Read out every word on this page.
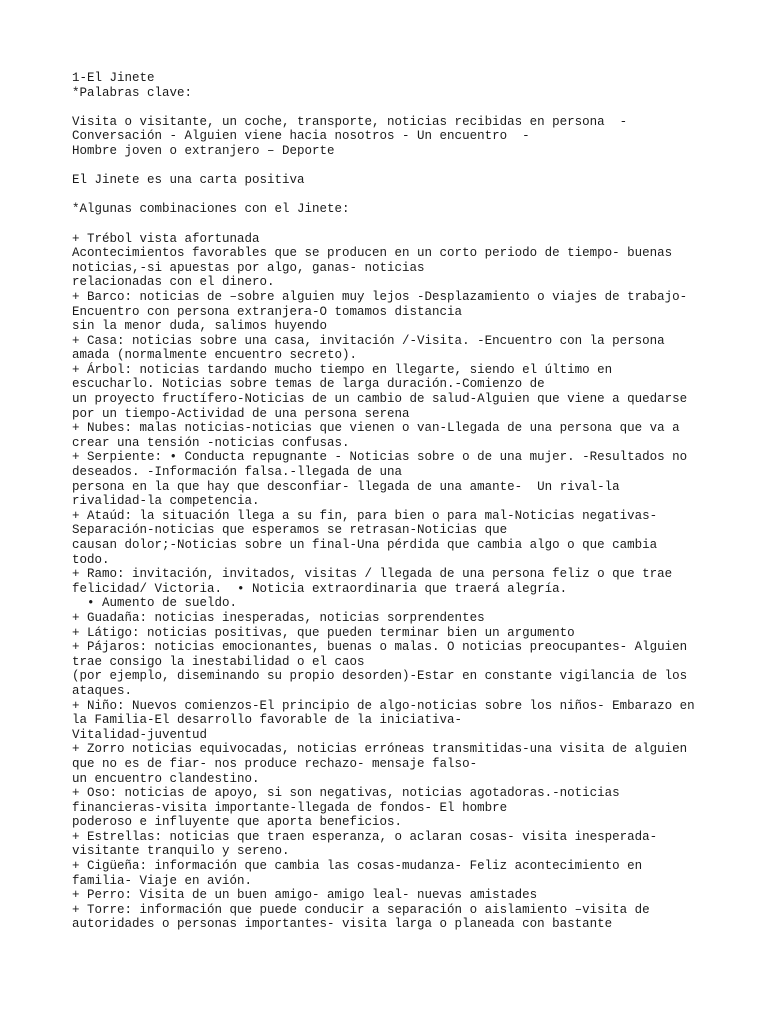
1-El Jinete
*Palabras clave:
Visita o visitante, un coche, transporte, noticias recibidas en persona  -
Conversación - Alguien viene hacia nosotros - Un encuentro  -
Hombre joven o extranjero – Deporte
El Jinete es una carta positiva
*Algunas combinaciones con el Jinete:
+ Trébol vista afortunada
Acontecimientos favorables que se producen en un corto periodo de tiempo- buenas
noticias,-si apuestas por algo, ganas- noticias
relacionadas con el dinero.
+ Barco: noticias de –sobre alguien muy lejos -Desplazamiento o viajes de trabajo-
Encuentro con persona extranjera-O tomamos distancia
sin la menor duda, salimos huyendo
+ Casa: noticias sobre una casa, invitación /-Visita. -Encuentro con la persona
amada (normalmente encuentro secreto).
+ Árbol: noticias tardando mucho tiempo en llegarte, siendo el último en
escucharlo. Noticias sobre temas de larga duración.-Comienzo de
un proyecto fructífero-Noticias de un cambio de salud-Alguien que viene a quedarse
por un tiempo-Actividad de una persona serena
+ Nubes: malas noticias-noticias que vienen o van-Llegada de una persona que va a
crear una tensión -noticias confusas.
+ Serpiente: • Conducta repugnante - Noticias sobre o de una mujer. -Resultados no
deseados. -Información falsa.-llegada de una
persona en la que hay que desconfiar- llegada de una amante-  Un rival-la
rivalidad-la competencia.
+ Ataúd: la situación llega a su fin, para bien o para mal-Noticias negativas-
Separación-noticias que esperamos se retrasan-Noticias que
causan dolor;-Noticias sobre un final-Una pérdida que cambia algo o que cambia
todo.
+ Ramo: invitación, invitados, visitas / llegada de una persona feliz o que trae
felicidad/ Victoria.  • Noticia extraordinaria que traerá alegría.
• Aumento de sueldo.
+ Guadaña: noticias inesperadas, noticias sorprendentes
+ Látigo: noticias positivas, que pueden terminar bien un argumento
+ Pájaros: noticias emocionantes, buenas o malas. O noticias preocupantes- Alguien
trae consigo la inestabilidad o el caos
(por ejemplo, diseminando su propio desorden)-Estar en constante vigilancia de los
ataques.
+ Niño: Nuevos comienzos-El principio de algo-noticias sobre los niños- Embarazo en
la Familia-El desarrollo favorable de la iniciativa-
Vitalidad-juventud
+ Zorro noticias equivocadas, noticias erróneas transmitidas-una visita de alguien
que no es de fiar- nos produce rechazo- mensaje falso-
un encuentro clandestino.
+ Oso: noticias de apoyo, si son negativas, noticias agotadoras.-noticias
financieras-visita importante-llegada de fondos- El hombre
poderoso e influyente que aporta beneficios.
+ Estrellas: noticias que traen esperanza, o aclaran cosas- visita inesperada-
visitante tranquilo y sereno.
+ Cigüeña: información que cambia las cosas-mudanza- Feliz acontecimiento en
familia- Viaje en avión.
+ Perro: Visita de un buen amigo- amigo leal- nuevas amistades
+ Torre: información que puede conducir a separación o aislamiento –visita de
autoridades o personas importantes- visita larga o planeada con bastante
